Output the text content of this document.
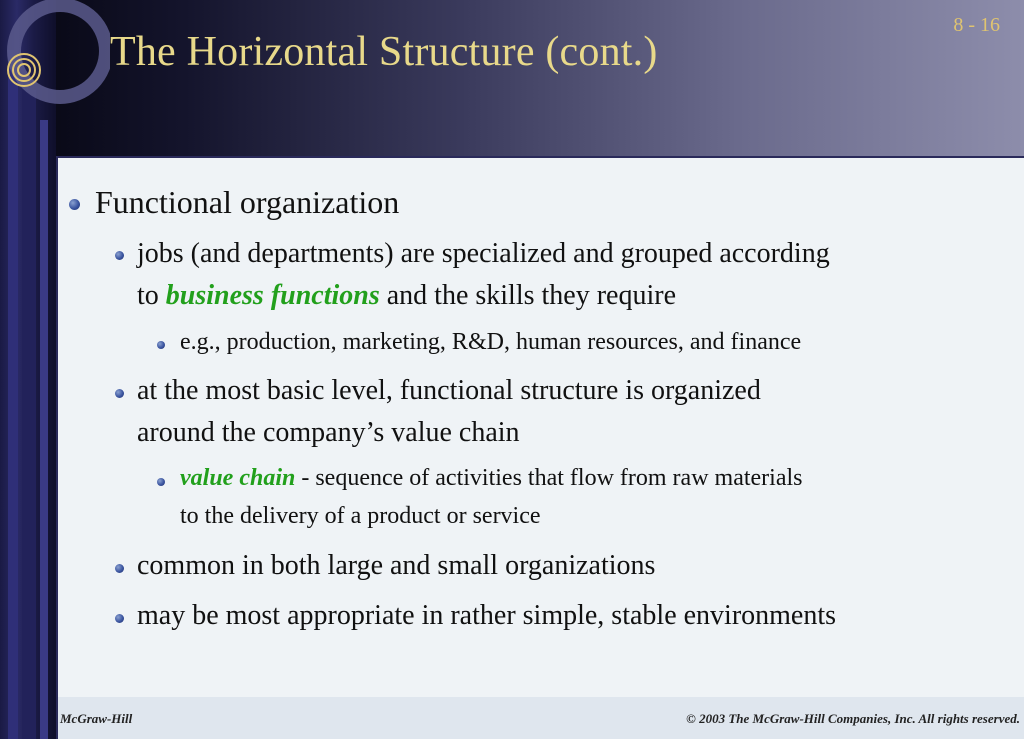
The Horizontal Structure (cont.)
8 - 16
Functional organization
jobs (and departments) are specialized and grouped according
to business functions and the skills they require
e.g., production, marketing, R&D, human resources, and finance
at the most basic level, functional structure is organized
around the company’s value chain
value chain - sequence of activities that flow from raw materials
to the delivery of a product or service
common in both large and small organizations
may be most appropriate in rather simple, stable environments
McGraw-Hill	© 2003 The McGraw-Hill Companies, Inc. All rights reserved.
